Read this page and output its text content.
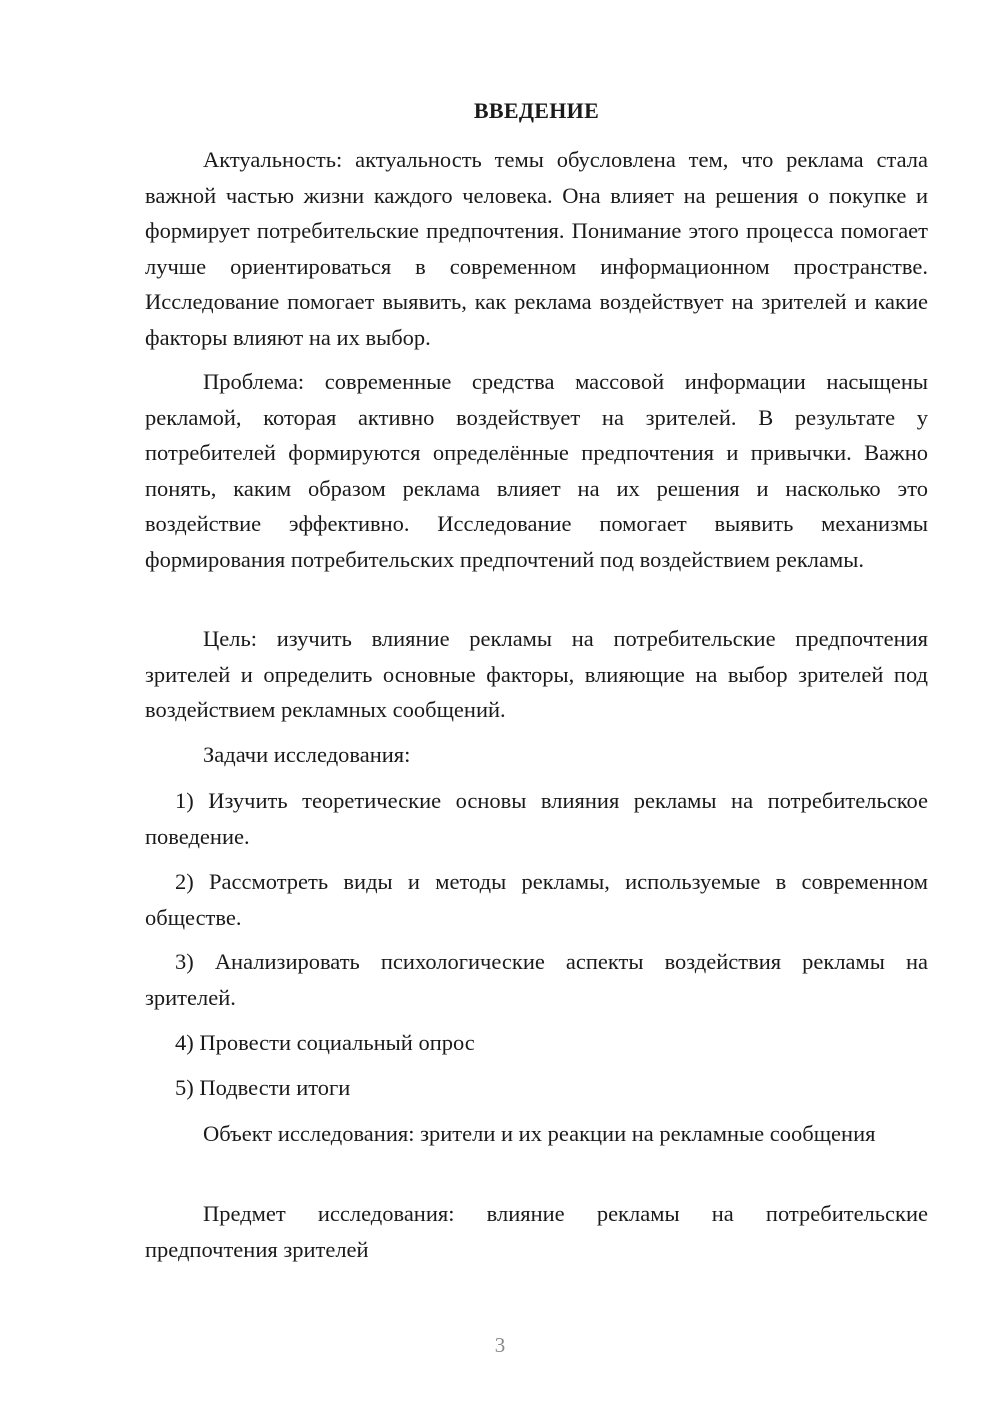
ВВЕДЕНИЕ

Актуальность: актуальность темы обусловлена тем, что реклама стала важной частью жизни каждого человека. Она влияет на решения о покупке и формирует потребительские предпочтения. Понимание этого процесса помогает лучше ориентироваться в современном информационном пространстве. Исследование помогает выявить, как реклама воздействует на зрителей и какие факторы влияют на их выбор.

Проблема: современные средства массовой информации насыщены рекламой, которая активно воздействует на зрителей. В результате у потребителей формируются определённые предпочтения и привычки. Важно понять, каким образом реклама влияет на их решения и насколько это воздействие эффективно. Исследование помогает выявить механизмы формирования потребительских предпочтений под воздействием рекламы.

Цель: изучить влияние рекламы на потребительские предпочтения зрителей и определить основные факторы, влияющие на выбор зрителей под воздействием рекламных сообщений.

Задачи исследования:

1) Изучить теоретические основы влияния рекламы на потребительское поведение.

2) Рассмотреть виды и методы рекламы, используемые в современном обществе.

3) Анализировать психологические аспекты воздействия рекламы на зрителей.

4) Провести социальный опрос

5) Подвести итоги

Объект исследования: зрители и их реакции на рекламные сообщения

Предмет исследования: влияние рекламы на потребительские предпочтения зрителей

3
